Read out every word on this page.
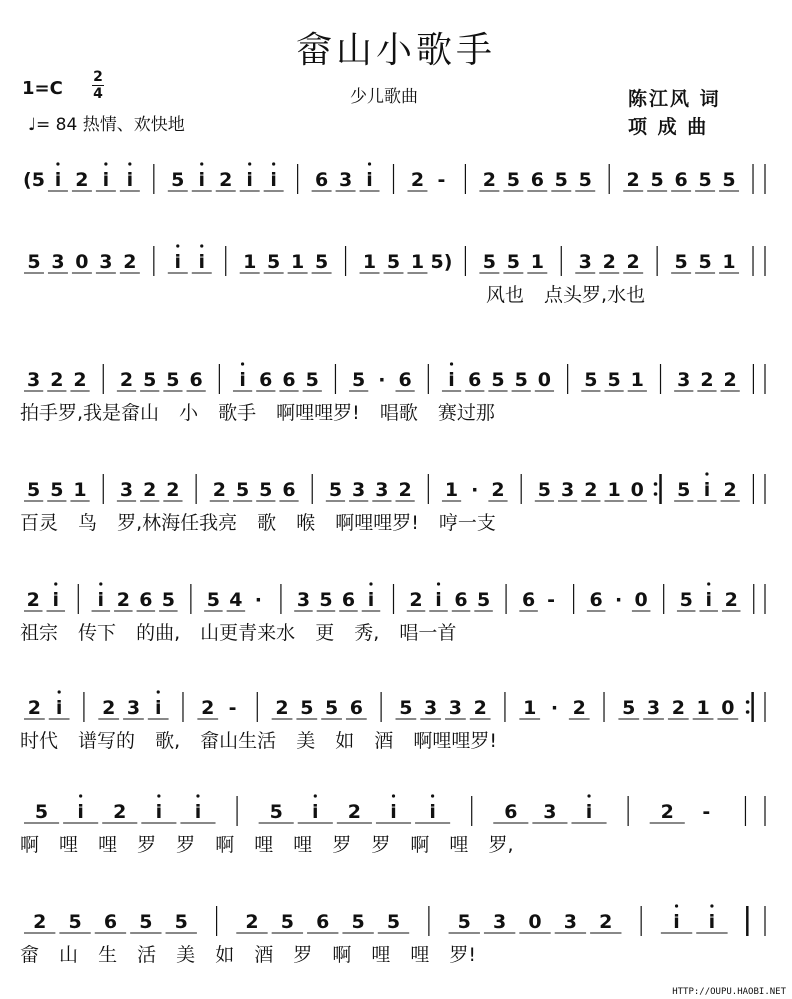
畲山小歌手
1=C
2
4
♩= 84 热情、欢快地
少儿歌曲	陈江风 词
项 成 曲
(5 i 2 i i 5 i 2 i i 6 3 i 2 - 2 5 6 5 5 2 5 6 5 5
5 3 0 3 2 i i 1 5 1 5 1 5 1 5) 5 5 1 3 2 2 5 5 1
风也 点头罗,水也
3 2 2 2 5 5 6 i 6 6 5 5 · 6 i 6 5 5 0 5 5 1 3 2 2
拍手罗,我是畲山 小 歌手 啊哩哩罗! 唱歌 赛过那
5 5 1 3 2 2 2 5 5 6 5 3 3 2 1 · 2 5 3 2 1 0 5 i 2
百灵 鸟 罗,林海任我亮 歌 喉 啊哩哩罗! 哼一支
2 i i 2 6 5 5 4 · 3 5 6 i 2 i 6 5 6 - 6 · 0 5 i 2
祖宗 传下 的曲, 山更青来水 更 秀, 唱一首
2 i 2 3 i 2 - 2 5 5 6 5 3 3 2 1 · 2 5 3 2 1 0
时代 谱写的 歌, 畲山生活 美 如 酒 啊哩哩罗!
5 i 2 i i	5 i 2 i i	6 3 i	2 -
啊 哩 哩 罗 罗 啊 哩 哩 罗 罗 啊 哩 罗,
2 5 6 5 5	2 5 6 5 5	5 3 0 3 2	i i
畲 山 生 活 美 如 酒 罗 啊 哩 哩 罗!
HTTP://OUPU.HAOBI.NET
